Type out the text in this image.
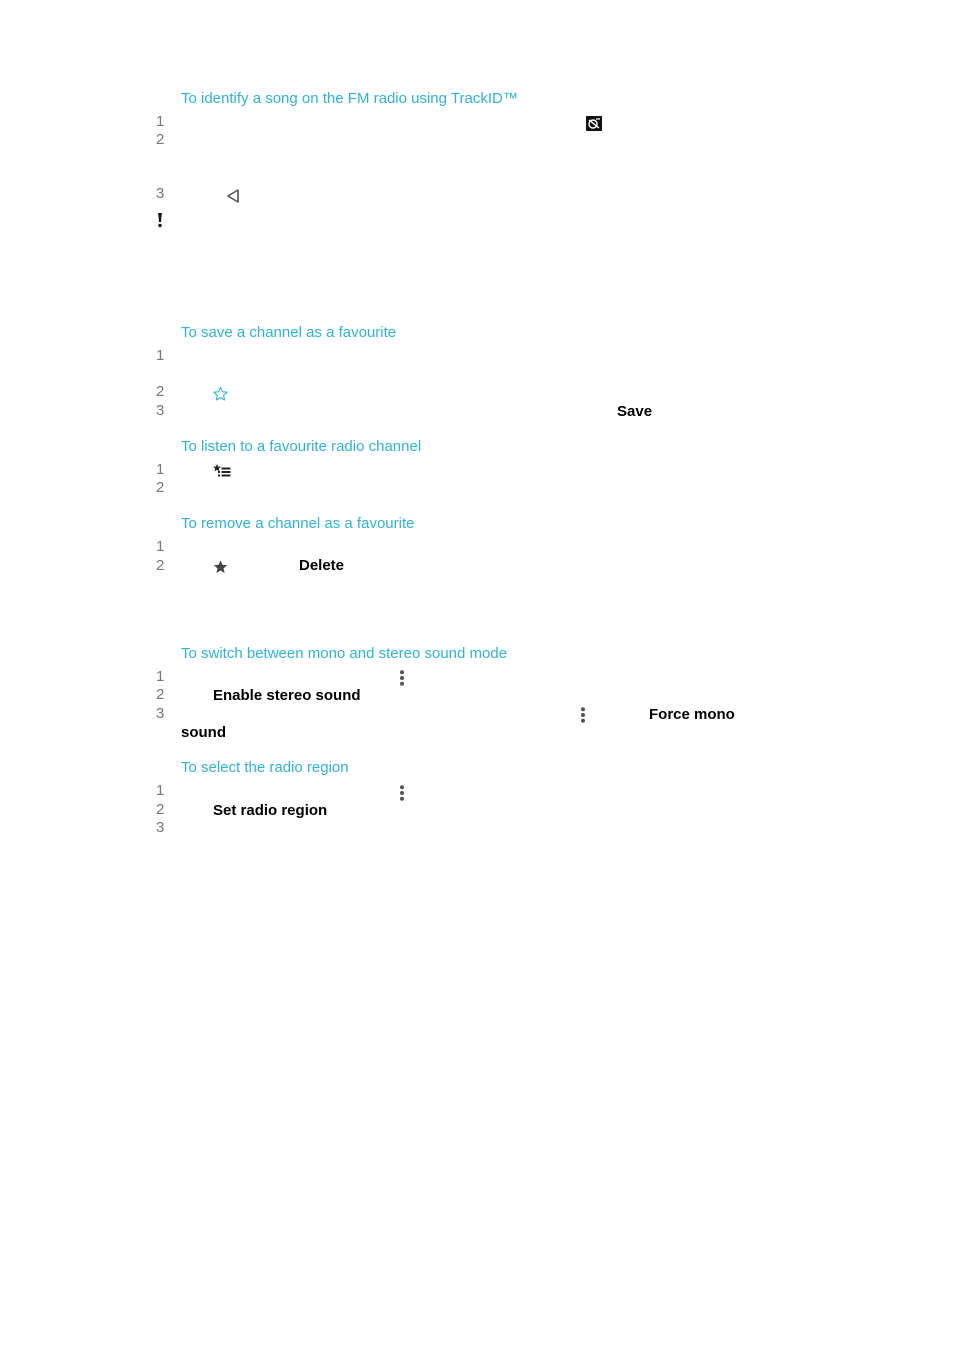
To identify a song on the FM radio using TrackID™
1
2
3
To save a channel as a favourite
1
2
3	Save
To listen to a favourite radio channel
1
2
To remove a channel as a favourite
1
2	Delete
To switch between mono and stereo sound mode
1
2	Enable stereo sound
3	Force mono
sound
To select the radio region
1
2	Set radio region
3
